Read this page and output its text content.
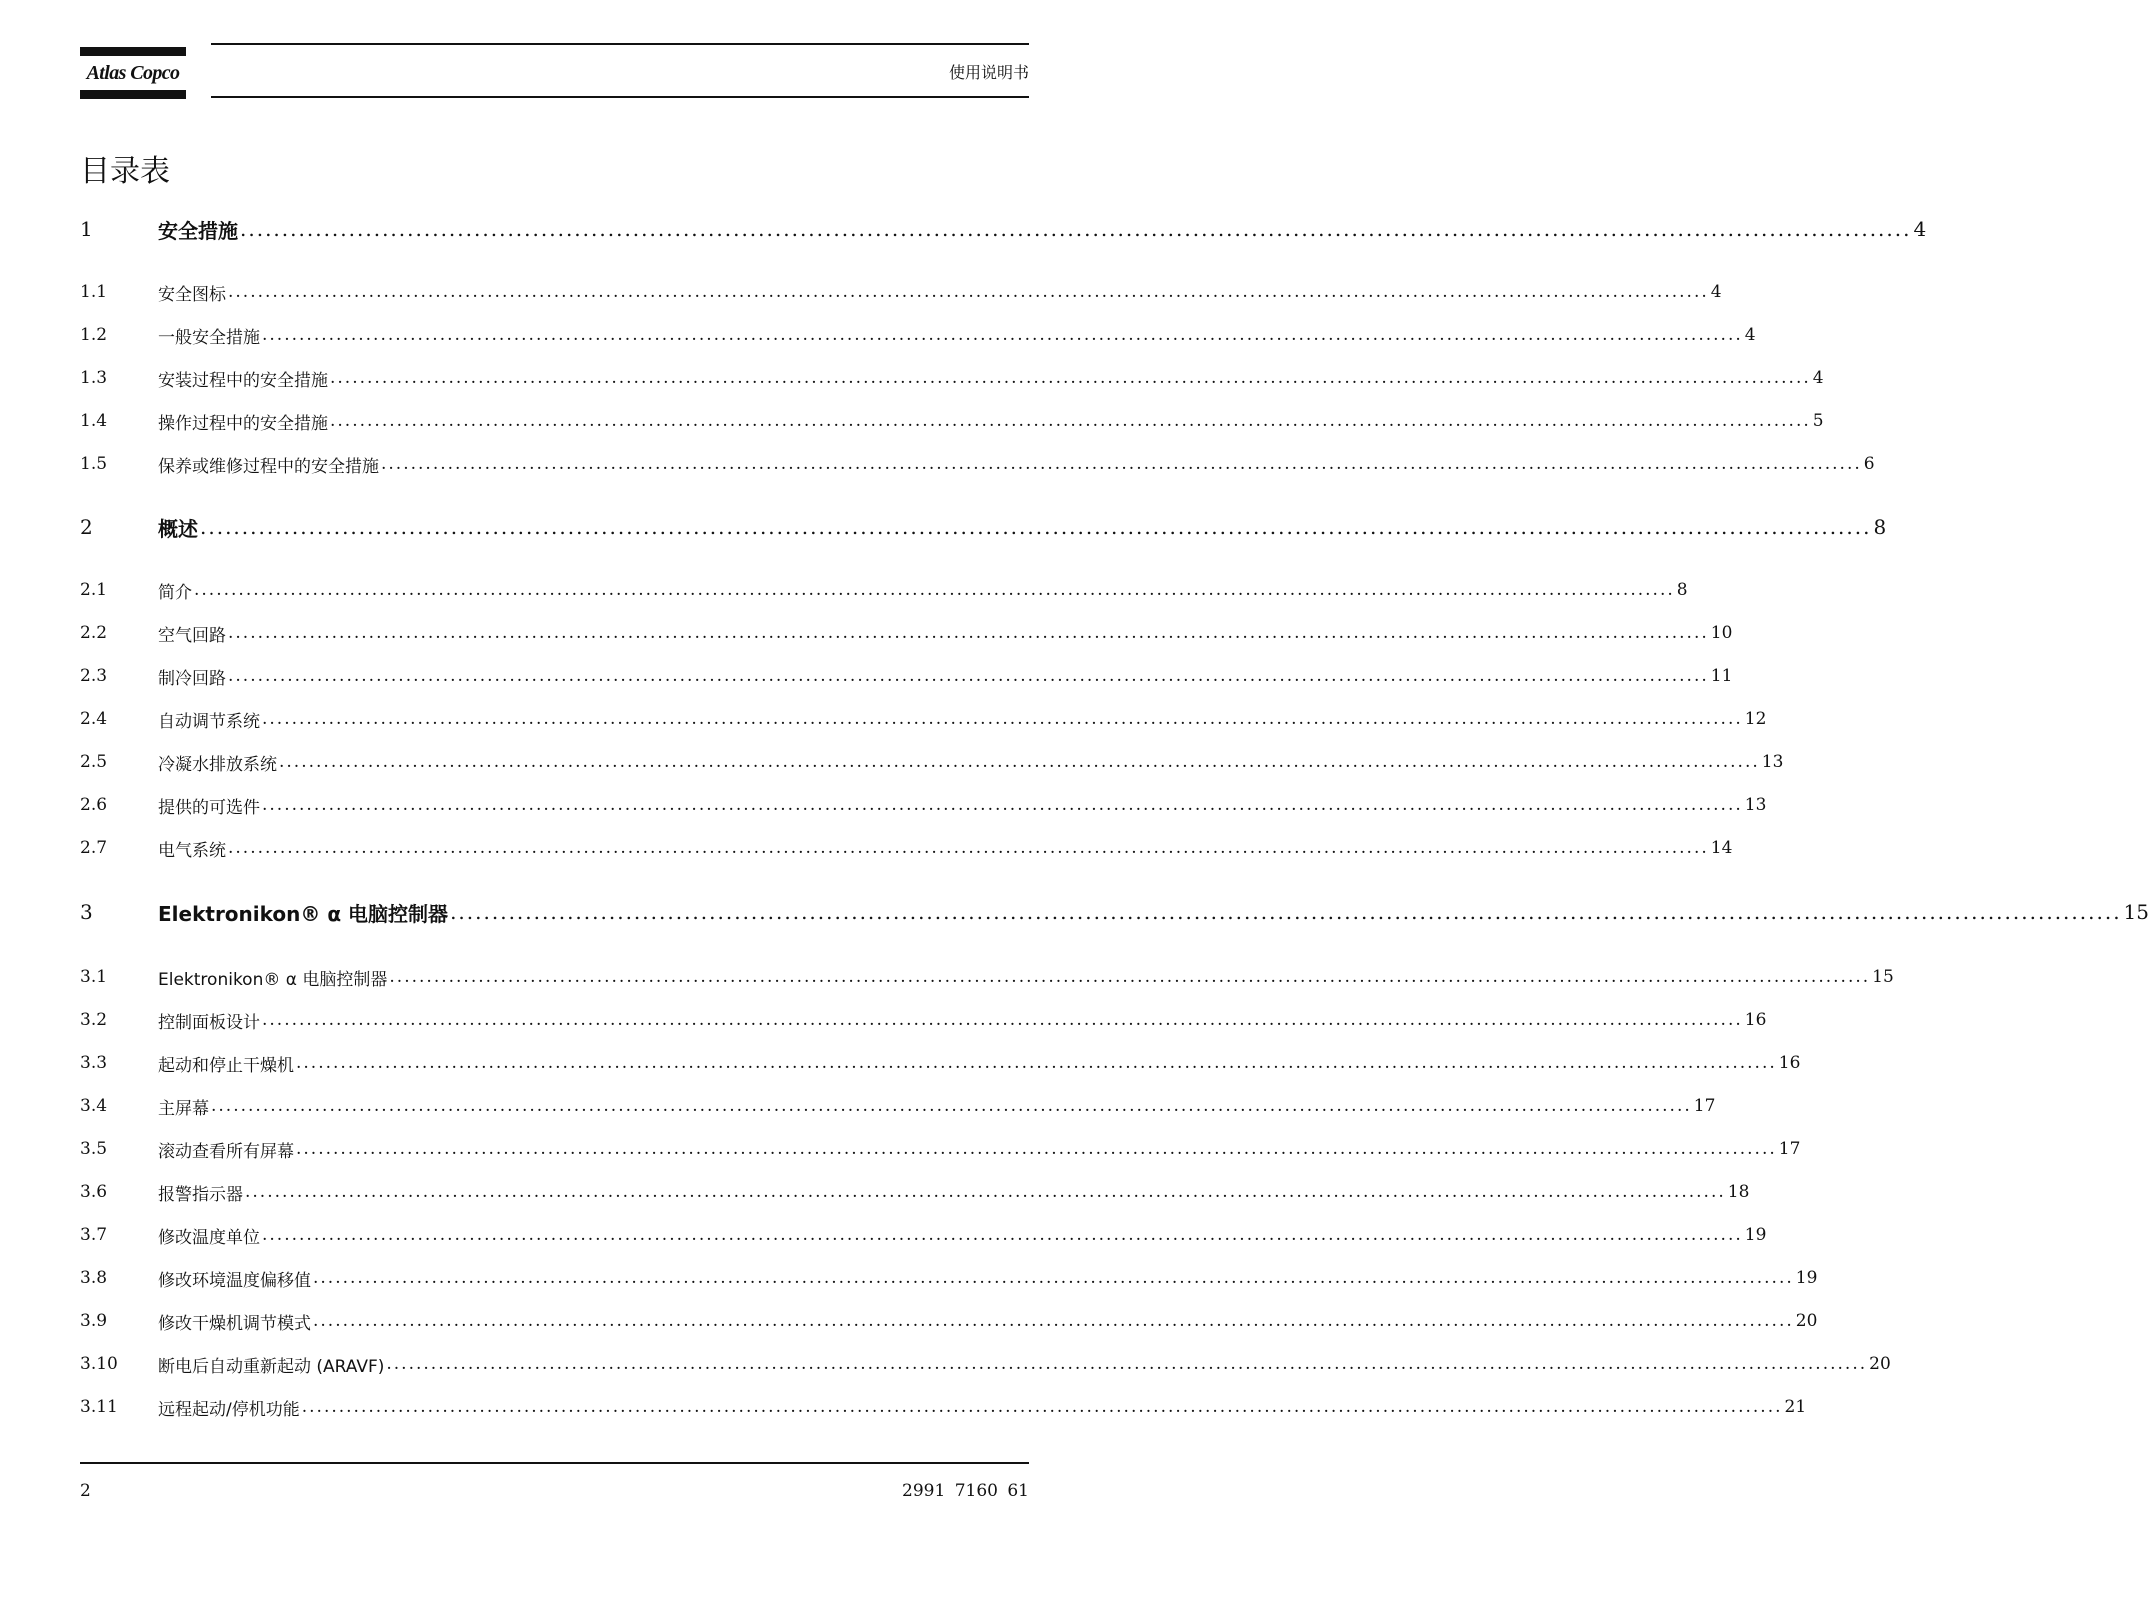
Atlas Copco	使用说明书
目录表
1	安全措施 ........................................................................................................................................................................................................ 4
1.1	安全图标 ........................................................................................................................................................................................................ 4
1.2	一般安全措施 ........................................................................................................................................................................................................ 4
1.3	安装过程中的安全措施 ........................................................................................................................................................................................................ 4
1.4	操作过程中的安全措施 ........................................................................................................................................................................................................ 5
1.5	保养或维修过程中的安全措施 ........................................................................................................................................................................................................ 6
2	概述 ........................................................................................................................................................................................................ 8
2.1	简介 ........................................................................................................................................................................................................ 8
2.2	空气回路 ........................................................................................................................................................................................................ 10
2.3	制冷回路 ........................................................................................................................................................................................................ 11
2.4	自动调节系统 ........................................................................................................................................................................................................ 12
2.5	冷凝水排放系统 ........................................................................................................................................................................................................ 13
2.6	提供的可选件 ........................................................................................................................................................................................................ 13
2.7	电气系统 ........................................................................................................................................................................................................ 14
3	Elektronikon® α 电脑控制器 ........................................................................................................................................................................................................ 15
3.1	Elektronikon® α 电脑控制器 ........................................................................................................................................................................................................ 15
3.2	控制面板设计 ........................................................................................................................................................................................................ 16
3.3	起动和停止干燥机 ........................................................................................................................................................................................................ 16
3.4	主屏幕 ........................................................................................................................................................................................................ 17
3.5	滚动查看所有屏幕 ........................................................................................................................................................................................................ 17
3.6	报警指示器 ........................................................................................................................................................................................................ 18
3.7	修改温度单位 ........................................................................................................................................................................................................ 19
3.8	修改环境温度偏移值 ........................................................................................................................................................................................................ 19
3.9	修改干燥机调节模式 ........................................................................................................................................................................................................ 20
3.10	断电后自动重新起动 (ARAVF) ........................................................................................................................................................................................................ 20
3.11	远程起动/停机功能 ........................................................................................................................................................................................................ 21
2	2991 7160 61
